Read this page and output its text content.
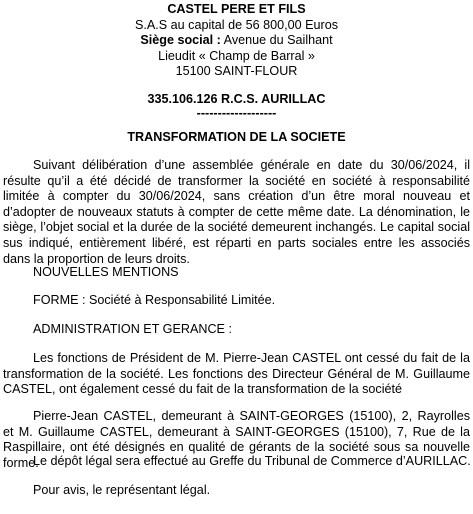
CASTEL PERE ET FILS
S.A.S au capital de 56 800,00 Euros
Siège social : Avenue du Sailhant
Lieudit « Champ de Barral »
15100 SAINT-FLOUR
335.106.126 R.C.S. AURILLAC
-------------------
TRANSFORMATION DE LA SOCIETE
Suivant délibération d’une assemblée générale en date du 30/06/2024, il résulte qu’il a été décidé de transformer la société en société à responsabilité limitée à compter du 30/06/2024, sans création d’un être moral nouveau et d’adopter de nouveaux statuts à compter de cette même date. La dénomination, le siège, l’objet social et la durée de la société demeurent inchangés. Le capital social sus indiqué, entièrement libéré, est réparti en parts sociales entre les associés dans la proportion de leurs droits.
NOUVELLES MENTIONS
FORME : Société à Responsabilité Limitée.
ADMINISTRATION ET GERANCE :
Les fonctions de Président de M. Pierre-Jean CASTEL ont cessé du fait de la transformation de la société. Les fonctions des Directeur Général de M. Guillaume CASTEL, ont également cessé du fait de la transformation de la société
Pierre-Jean CASTEL, demeurant à SAINT-GEORGES (15100), 2, Rayrolles et M. Guillaume CASTEL, demeurant à SAINT-GEORGES (15100), 7, Rue de la Raspillaire, ont été désignés en qualité de gérants de la société sous sa nouvelle forme.
Le dépôt légal sera effectué au Greffe du Tribunal de Commerce d’AURILLAC.
Pour avis, le représentant légal.
